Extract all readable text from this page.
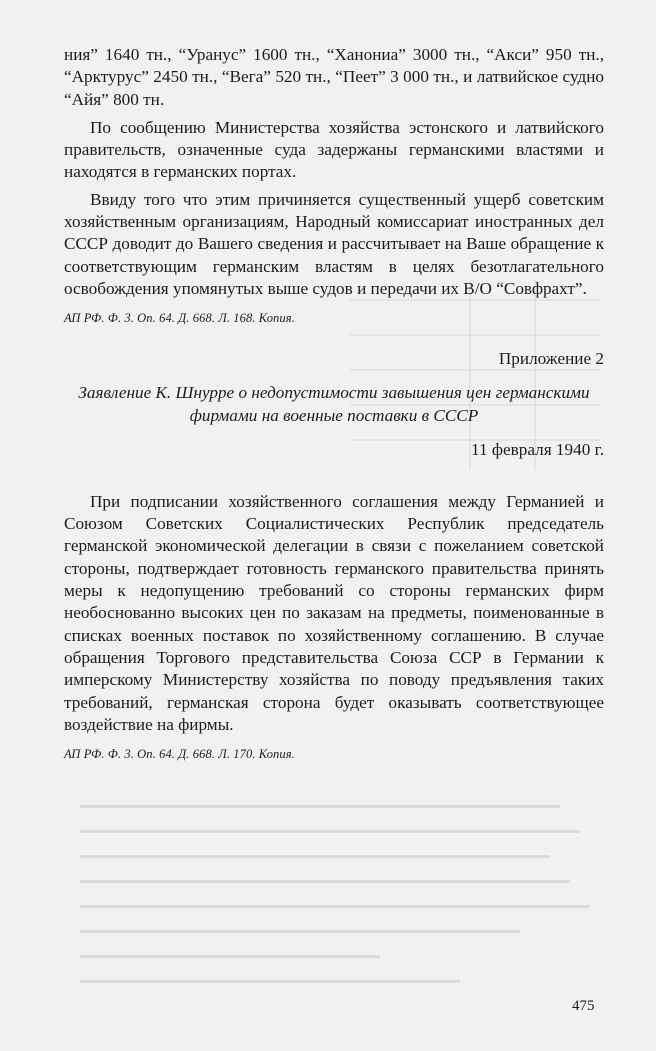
ния” 1640 тн., “Уранус” 1600 тн., “Ханониа” 3000 тн., “Акси” 950 тн., “Арктурус” 2450 тн., “Вега” 520 тн., “Пеет” 3 000 тн., и латвийское судно “Айя” 800 тн.

По сообщению Министерства хозяйства эстонского и латвийского правительств, означенные суда задержаны германскими властями и находятся в германских портах.

Ввиду того что этим причиняется существенный ущерб советским хозяйственным организациям, Народный комиссариат иностранных дел СССР доводит до Вашего сведения и рассчитывает на Ваше обращение к соответствующим германским властям в целях безотлагательного освобождения упомянутых выше судов и передачи их В/О “Совфрахт”.

АП РФ. Ф. 3. Оп. 64. Д. 668. Л. 168. Копия.

Приложение 2

Заявление К. Шнурре о недопустимости завышения цен германскими фирмами на военные поставки в СССР

11 февраля 1940 г.

При подписании хозяйственного соглашения между Германией и Союзом Советских Социалистических Республик председатель германской экономической делегации в связи с пожеланием советской стороны, подтверждает готовность германского правительства принять меры к недопущению требований со стороны германских фирм необоснованно высоких цен по заказам на предметы, поименованные в списках военных поставок по хозяйственному соглашению. В случае обращения Торгового представительства Союза ССР в Германии к имперскому Министерству хозяйства по поводу предъявления таких требований, германская сторона будет оказывать соответствующее воздействие на фирмы.

АП РФ. Ф. 3. Оп. 64. Д. 668. Л. 170. Копия.

475
